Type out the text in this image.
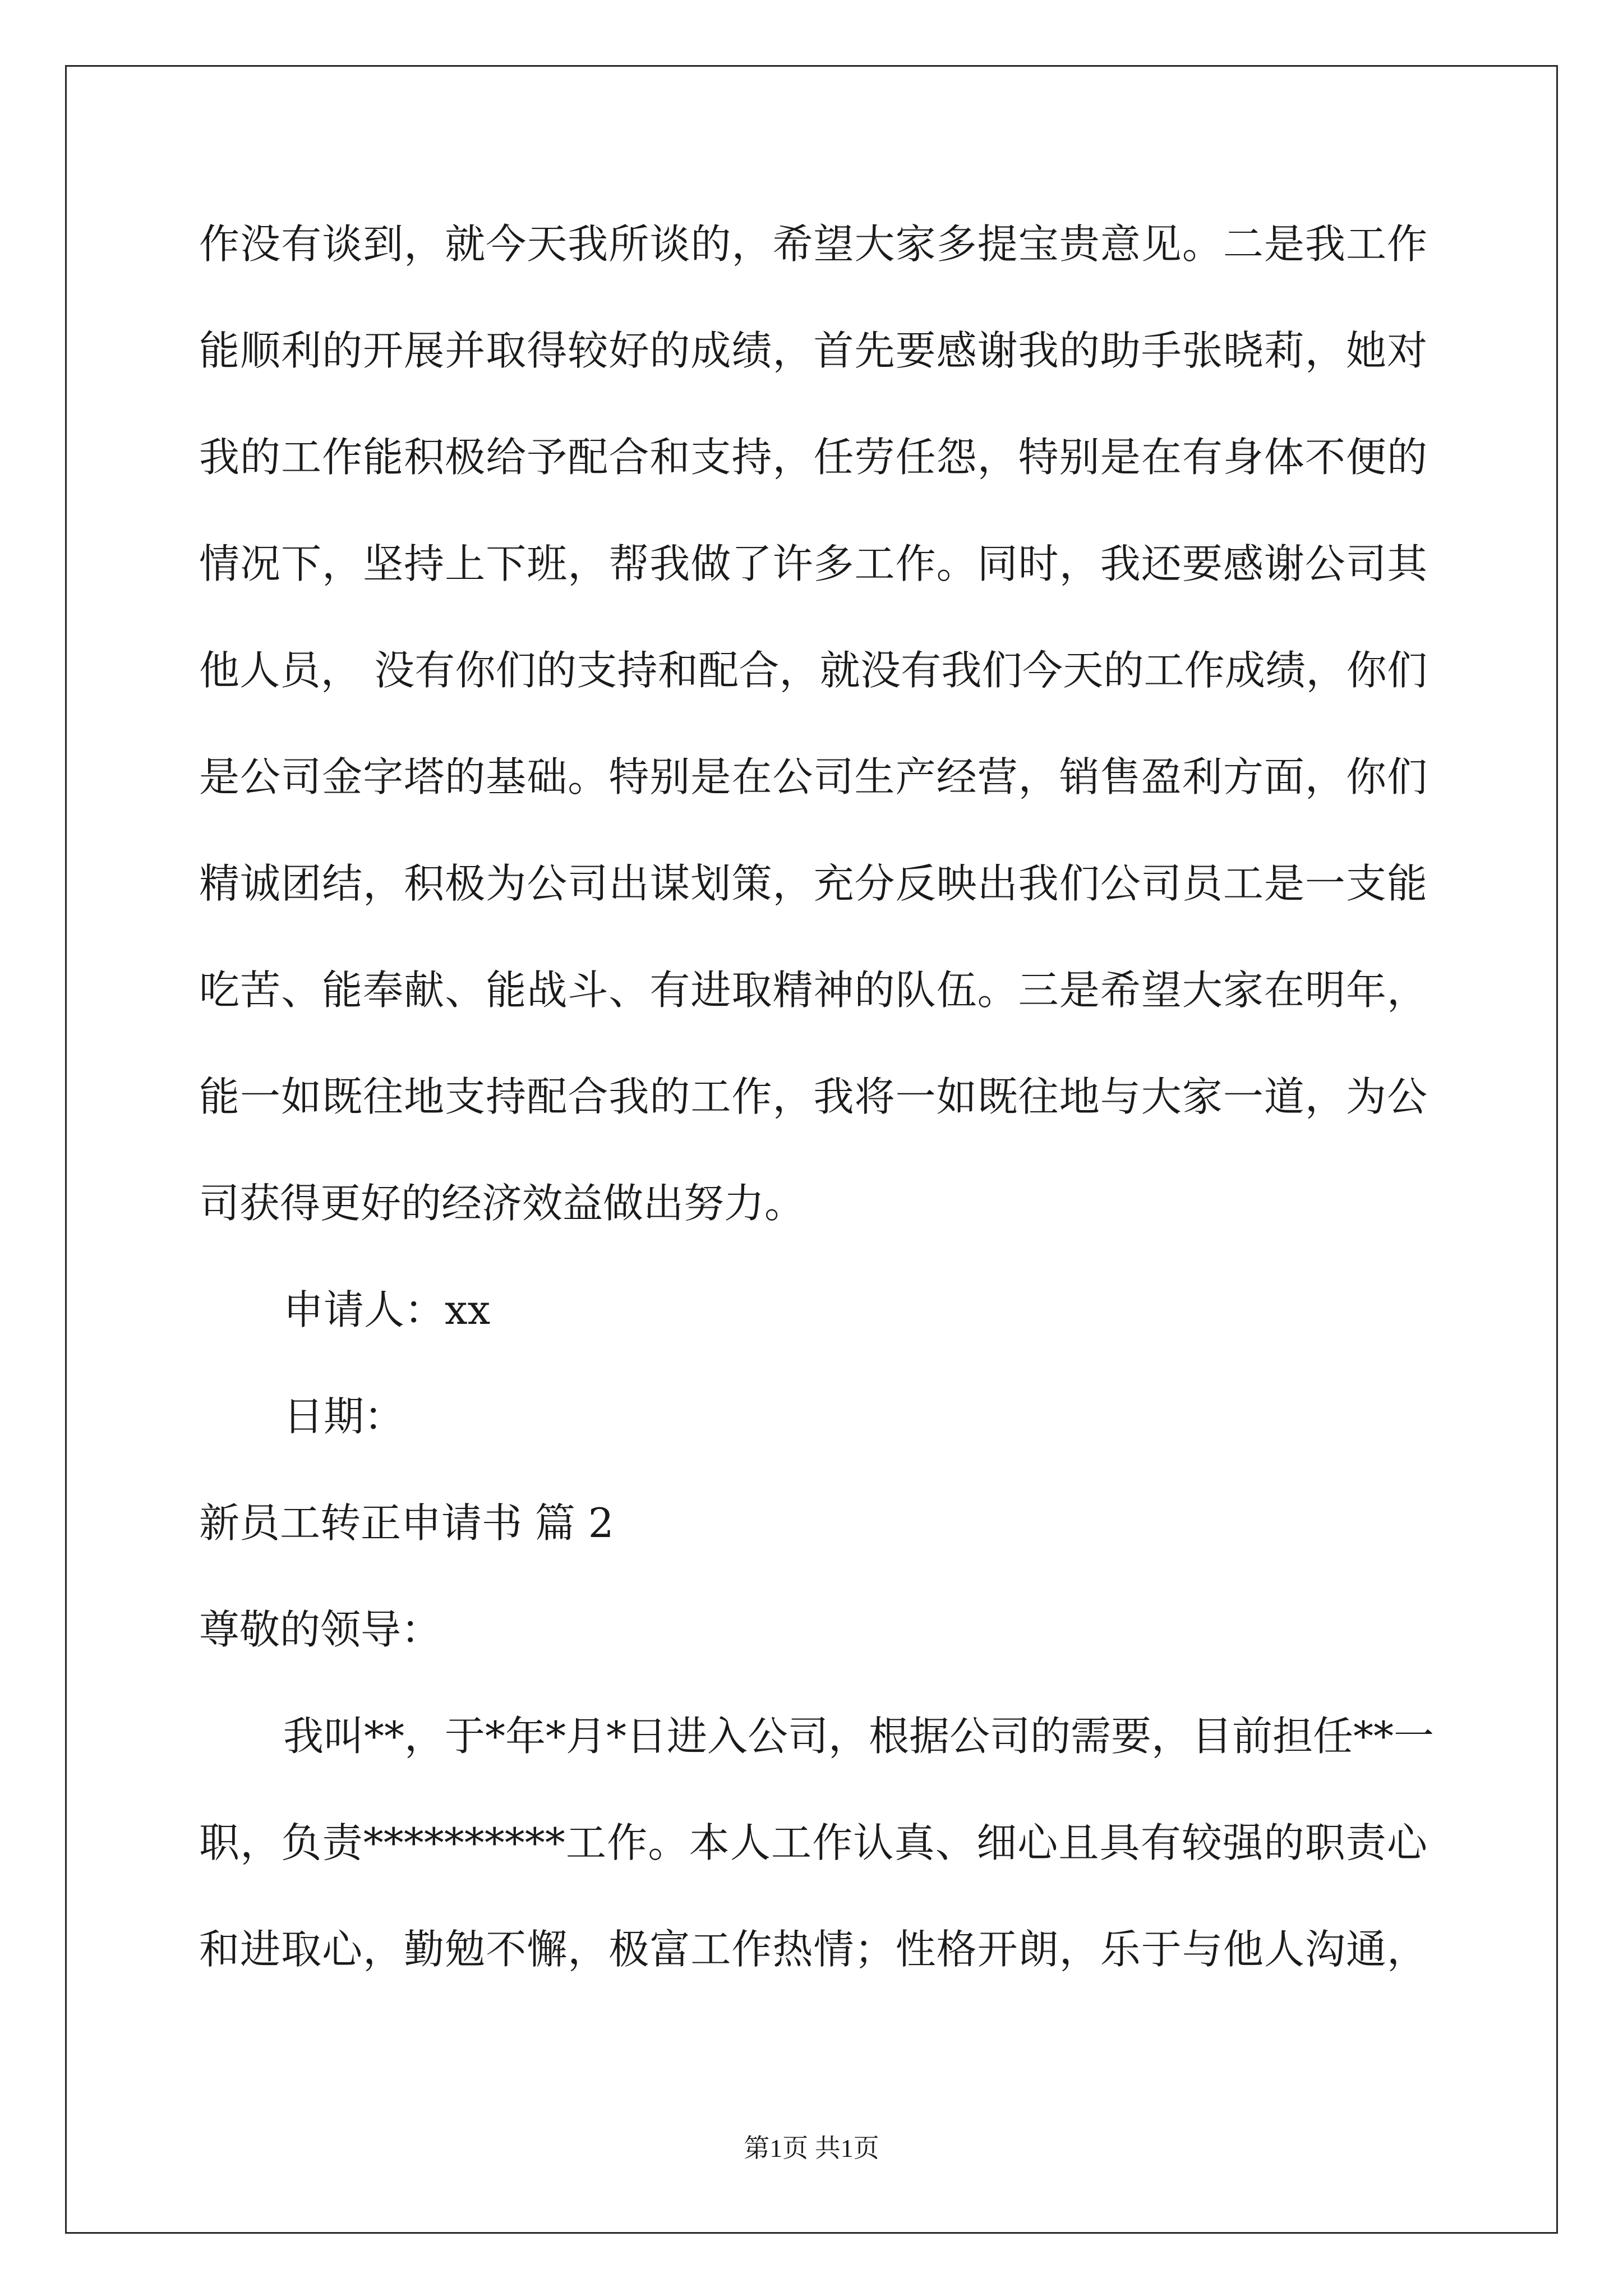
作没有谈到，就今天我所谈的，希望大家多提宝贵意见。二是我工作
能顺利的开展并取得较好的成绩，首先要感谢我的助手张晓莉，她对
我的工作能积极给予配合和支持，任劳任怨，特别是在有身体不便的
情况下，坚持上下班，帮我做了许多工作。同时，我还要感谢公司其
他人员， 没有你们的支持和配合，就没有我们今天的工作成绩，你们
是公司金字塔的基础。特别是在公司生产经营，销售盈利方面，你们
精诚团结，积极为公司出谋划策，充分反映出我们公司员工是一支能
吃苦、能奉献、能战斗、有进取精神的队伍。三是希望大家在明年，
能一如既往地支持配合我的工作，我将一如既往地与大家一道，为公
司获得更好的经济效益做出努力。
申请人：xx
日期：
新员工转正申请书 篇 2
尊敬的领导：
我叫**，于*年*月*日进入公司，根据公司的需要，目前担任**一
职，负责**********工作。本人工作认真、细心且具有较强的职责心
和进取心，勤勉不懈，极富工作热情；性格开朗，乐于与他人沟通，
第1页 共1页
